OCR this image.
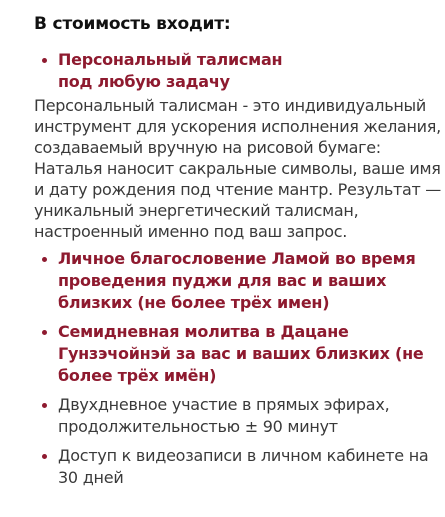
В стоимость входит:
Персональный талисман под любую задачу
Персональный талисман - это индивидуальный инструмент для ускорения исполнения желания, создаваемый вручную на рисовой бумаге: Наталья наносит сакральные символы, ваше имя и дату рождения под чтение мантр. Результат — уникальный энергетический талисман, настроенный именно под ваш запрос.
Личное благословение Ламой во время проведения пуджи для вас и ваших близких (не более трёх имен)
Семидневная молитва в Дацане Гунзэчойнэй за вас и ваших близких (не более трёх имён)
Двухдневное участие в прямых эфирах, продолжительностью ± 90 минут
Доступ к видеозаписи в личном кабинете на 30 дней
